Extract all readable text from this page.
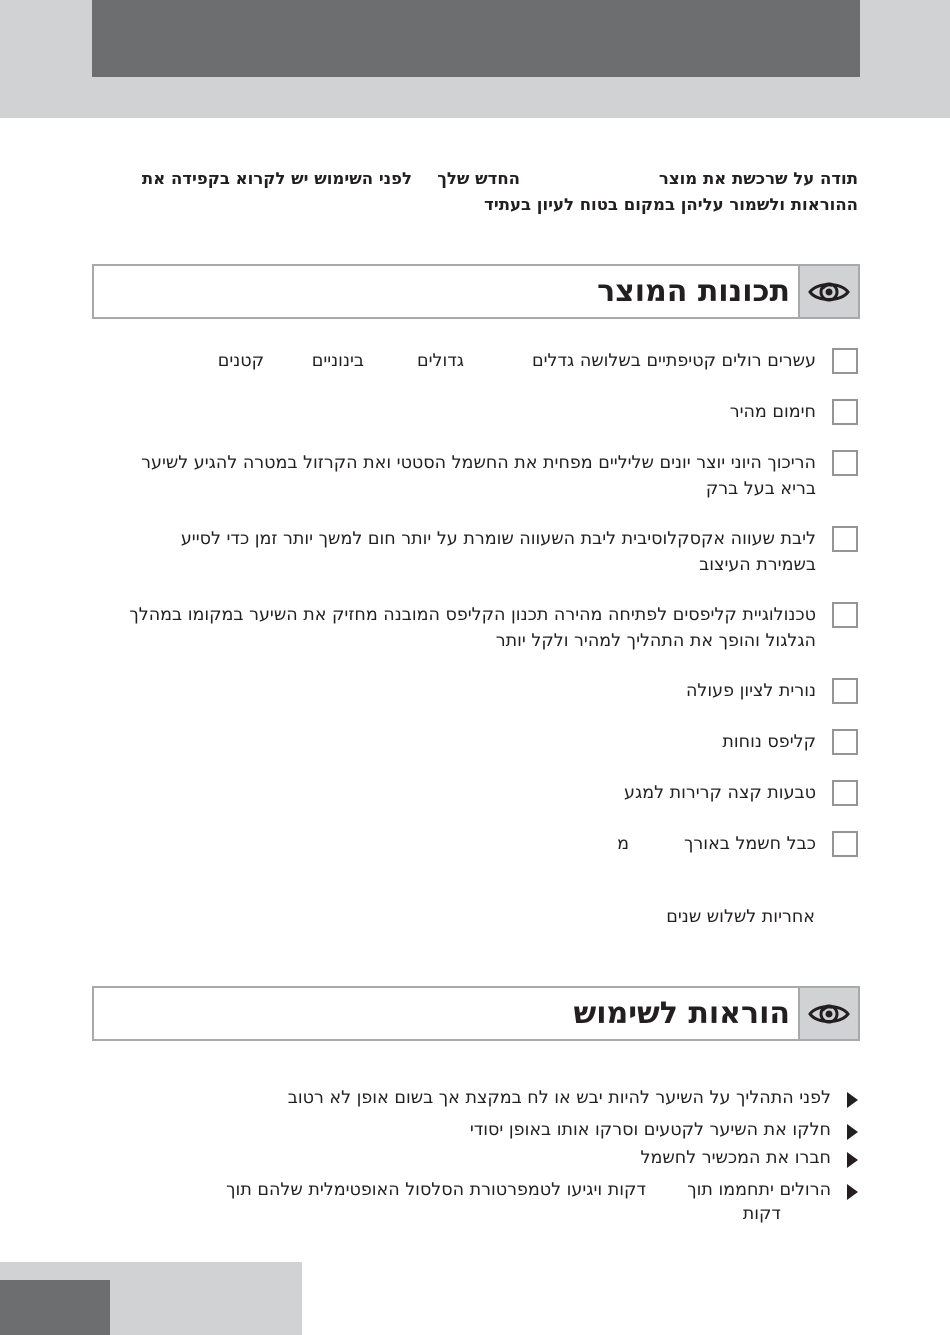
תודה על שרכשת את מוצר
החדש שלך
לפני השימוש יש לקרוא בקפידה את
ההוראות ולשמור עליהן במקום בטוח לעיון בעתיד
תכונות המוצר
עשרים רולים קטיפתיים בשלושה גדלים
גדולים
בינוניים
קטנים
חימום מהיר
הריכוך היוני יוצר יונים שליליים מפחית את החשמל הסטטי ואת הקרזול במטרה להגיע לשיער בריא בעל ברק
ליבת שעווה אקסקלוסיבית ליבת השעווה שומרת על יותר חום למשך יותר זמן כדי לסייע בשמירת העיצוב
טכנולוגיית קליפסים לפתיחה מהירה תכנון הקליפס המובנה מחזיק את השיער במקומו במהלך הגלגול והופך את התהליך למהיר ולקל יותר
נורית לציון פעולה
קליפס נוחות
טבעות קצה קרירות למגע
כבל חשמל באורך
מ
אחריות לשלוש שנים
הוראות לשימוש
לפני התהליך על השיער להיות יבש או לח במקצת אך בשום אופן לא רטוב
חלקו את השיער לקטעים וסרקו אותו באופן יסודי
חברו את המכשיר לחשמל
הרולים יתחממו תוך
דקות ויגיעו לטמפרטורת הסלסול האופטימלית שלהם תוך
דקות
